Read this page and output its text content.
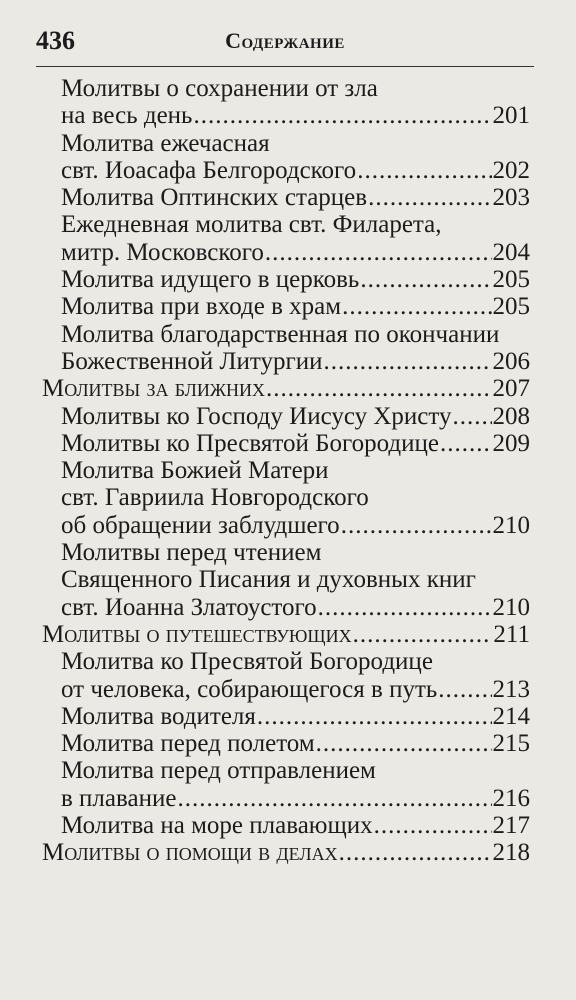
436	Содержание
Молитвы о сохранении от зла
на весь день .....	201
Молитва ежечасная
свт. Иоасафа Белгородского .....	202
Молитва Оптинских старцев .....	203
Ежедневная молитва свт. Филарета,
митр. Московского .....	204
Молитва идущего в церковь .....	205
Молитва при входе в храм .....	205
Молитва благодарственная по окончании
Божественной Литургии .....	206
Молитвы за ближних .....	207
Молитвы ко Господу Иисусу Христу ..... 208
Молитвы ко Пресвятой Богородице ..... 209
Молитва Божией Матери
свт. Гавриила Новгородского
об обращении заблудшего .....	210
Молитвы перед чтением
Священного Писания и духовных книг
свт. Иоанна Златоустого .....	210
Молитвы о путешествующих .....	211
Молитва ко Пресвятой Богородице
от человека, собирающегося в путь ..... 213
Молитва водителя .....	214
Молитва перед полетом .....	215
Молитва перед отправлением
в плавание .....	216
Молитва на море плавающих .....	217
Молитвы о помощи в делах .....	218
